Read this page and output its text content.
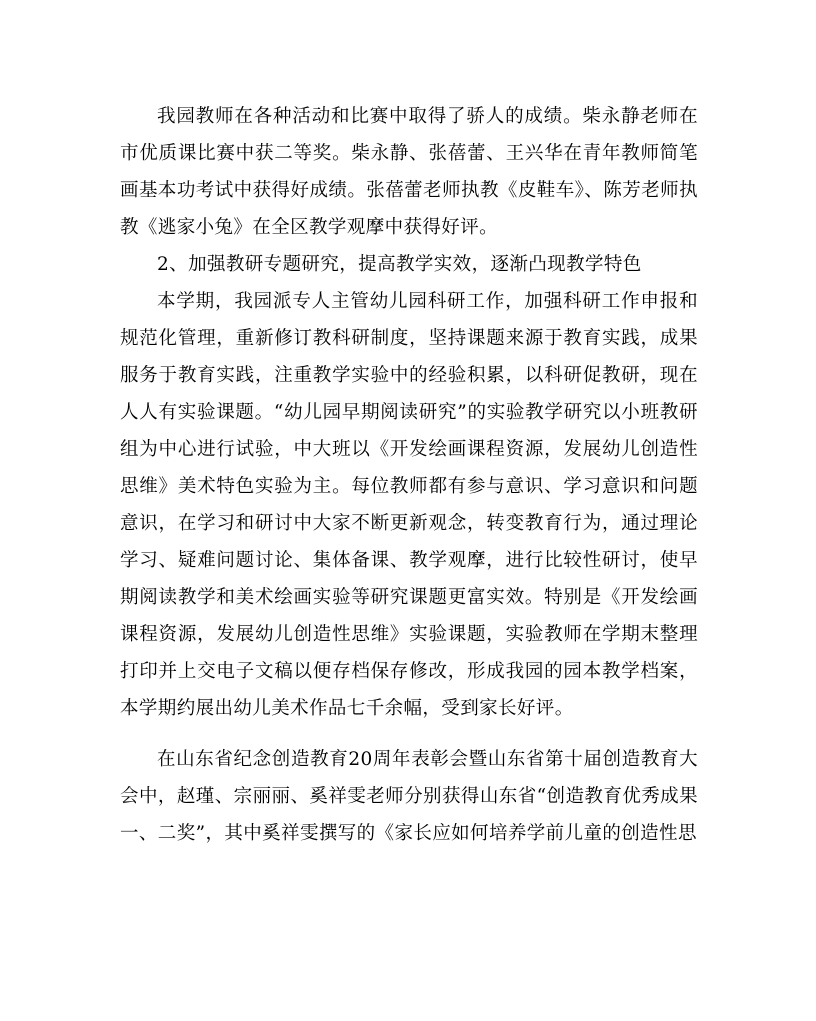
我园教师在各种活动和比赛中取得了骄人的成绩。柴永静老师在市优质课比赛中获二等奖。柴永静、张蓓蕾、王兴华在青年教师简笔画基本功考试中获得好成绩。张蓓蕾老师执教《皮鞋车》、陈芳老师执教《逃家小兔》在全区教学观摩中获得好评。

2、加强教研专题研究，提高教学实效，逐渐凸现教学特色

本学期，我园派专人主管幼儿园科研工作，加强科研工作申报和规范化管理，重新修订教科研制度，坚持课题来源于教育实践，成果服务于教育实践，注重教学实验中的经验积累，以科研促教研，现在人人有实验课题。“幼儿园早期阅读研究”的实验教学研究以小班教研组为中心进行试验，中大班以《开发绘画课程资源，发展幼儿创造性思维》美术特色实验为主。每位教师都有参与意识、学习意识和问题意识，在学习和研讨中大家不断更新观念，转变教育行为，通过理论学习、疑难问题讨论、集体备课、教学观摩，进行比较性研讨，使早期阅读教学和美术绘画实验等研究课题更富实效。特别是《开发绘画课程资源，发展幼儿创造性思维》实验课题，实验教师在学期末整理打印并上交电子文稿以便存档保存修改，形成我园的园本教学档案，本学期约展出幼儿美术作品七千余幅，受到家长好评。

在山东省纪念创造教育20周年表彰会暨山东省第十届创造教育大会中，赵瑾、宗丽丽、奚祥雯老师分别获得山东省“创造教育优秀成果一、二奖”，其中奚祥雯撰写的《家长应如何培养学前儿童的创造性思
